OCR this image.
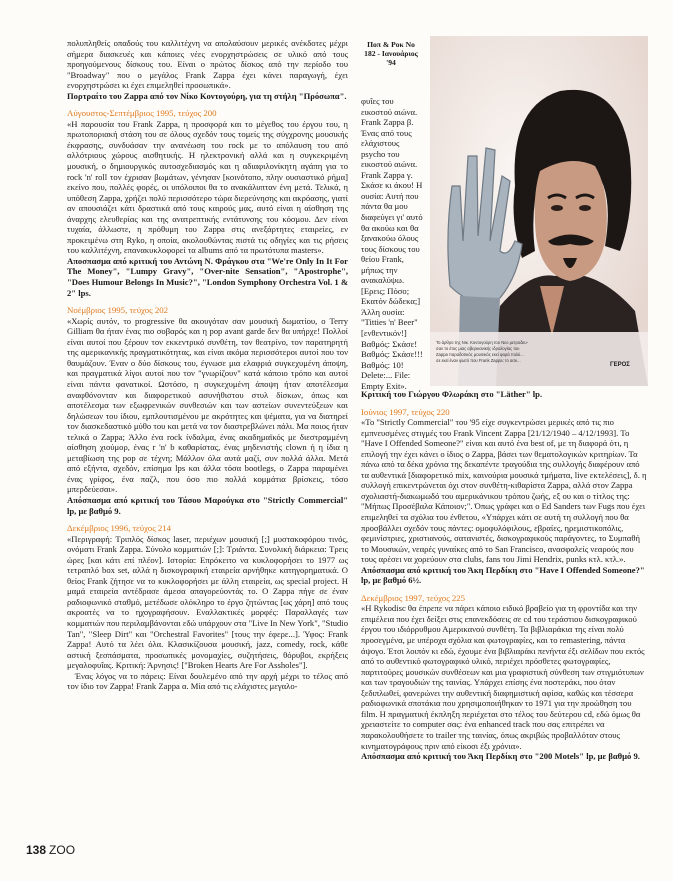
πολυπληθείς οπαδούς του καλλιτέχνη να απολαύσουν μερικές ανέκδοτες μέχρι σήμερα διασκευές και κάποιες νέες ενορχηστρώσεις σε υλικό από τους προηγούμενους δίσκους του. Είναι ο πρώτος δίσκος από την περίοδο του "Broadway" που ο μεγάλος Frank Zappa έχει κάνει παραγωγή, έχει ενορχηστρώσει κι έχει επιμεληθεί προσωπικά».

Πορτραίτο του Zappa από τον Νίκο Κοντογούρη, για τη στήλη "Πρόσωπα".

Αύγουστος-Σεπτέμβριος 1995, τεύχος 200

«Η παρουσία του Frank Zappa, η προσφορά και το μέγεθος του έργου του, η πρωτοποριακή στάση του σε όλους σχεδόν τους τομείς της σύγχρονης μουσικής έκφρασης, συνδυάσαν την ανανέωση του rock με το απόλαυση του από αλλότριους χώρους αισθητικής. Η ηλεκτρονική αλλά και η συγκεκριμένη μουσική, ο δημιουργικός αυτοσχεδιασμός και η αδιαφιλονίκητη αγάπη για το rock 'n' roll τον έχρισαν βωμάτων, γένησαν [κοινότοπο, πλην ουσιαστικό ρήμα] εκείνο που, πολλές φορές, οι υπόλοιποι θα το ανακάλυπταν ένη μετά. Τελικά, η υπόθεση Zappa, χρήζει πολύ περισσότερο τώρα διερεύνησης και ακρόασης, γιατί αν απουσιάζει κάτι δραστικά από τους καιρούς μας, αυτό είναι η αίσθηση της άναρχης ελευθερίας και της ανατρεπτικής εντάτυνσης του κόσμου. Δεν είναι τυχαία, άλλωστε, η πρόθυμη του Zappa στις ανεξάρτητες εταιρείες, εν προκειμένω στη Ryko, η οποία, ακολουθώντας πιστά τις οδηγίες και τις ρήσεις του καλλιτέχνη, επανακυκλοφορεί τα albums από τα πρωτότυπα masters».

Αποσπασμα από κριτική του Αντώνη Ν. Φράγκου στα "We're Only In It For The Money", "Lumpy Gravy", "Over-nite Sensation", "Apostrophe", "Does Humour Belongs In Music?", "London Symphony Orchestra Vol. 1 & 2" lps.

Νοέμβριος 1995, τεύχος 202

«Χωρίς αυτόν, το progressive θα ακουγόταν σαν μουσική δωματίου, ο Terry Gilliam θα ήταν ένας πιο σοβαρός και η pop avant garde δεν θα υπήρχε! Πολλοί είναι αυτοί που ξέρουν τον εκκεντρικό συνθέτη, τον θεατρίνο, τον παρατηρητή της αμερικανικής πραγματικότητας, και είναι ακόμα περισσότεροι αυτοί που τον θαυμάζουν. Έναν ο δύο δίσκους του, έγνωσε μια ελαφριά συγκεχυμένη άποψη, και πραγματικά λίγοι αυτοί που τον "γνωρίζουν" κατά κάποιο τρόπο και αυτοί είναι πάντα φανατικοί. Ωστόσο, η συγκεχυμένη άποψη ήταν αποτέλεσμα αναφθόνονταν και διαφορετικού ασυνήθιστου στυλ δίσκων, όπως και αποτέλεσμα των εξωφρενικών συνθεσιών και των αστείων συνεντεύξεων και δηλώσεων του ίδιου, εμπλουτισμένου με ακρότητες και ψέματα, για να διατηρεί τον διασκεδαστικό μύθο του και μετά να τον διαστρεβλώνει πάλι. Μα ποιος ήταν τελικά ο Zappa; Άλλο ένα rock ίνδαλμα, ένας ακαδημαϊκός με διεστραμμένη αίσθηση χιούμορ, ένας r 'n' b καθαρίστας, ένας μηδενιστής clown ή η ίδια η μεταβίωση της pop σε τέχνη; Μάλλον όλα αυτά μαζί, συν πολλά άλλα. Μετά από εξήντα, σχεδόν, επίσημα lps και άλλα τόσα bootlegs, ο Zappa παραμένει ένας γρίφος, ένα παζλ, που όσο πιο πολλά κομμάτια βρίσκεις, τόσο μπερδεύεσαι».

Απόσπασμα από κριτική του Τάσου Μαρούγκα στο "Strictly Commercial" lp, με βαθμό 9.

Δεκέμβριος 1996, τεύχος 214

«Περιγραφή: Τριπλός δίσκος laser, περιέχων μουσική [;] μυστακοφόρου τινός, ονόματι Frank Zappa. Σύνολο κομματιών [;]: Τριάντα. Συνολική διάρκεια: Τρεις ώρες [και κάτι επί πλέον]. Ιστορία: Επρόκειτο να κυκλοφορήσει το 1977 ως τετραπλό box set, αλλά η δισκογραφική εταιρεία αρνήθηκε κατηγορηματικά. Ο θείος Frank ζήτησε να το κυκλοφορήσει με άλλη εταιρεία, ως special project. Η μαμά εταιρεία αντέδρασε άμεσα απαγορεύοντάς το. Ο Zappa πήγε σε έναν ραδιοφωνικό σταθμό, μετέδωσε ολόκληρο το έργο ζητώντας [ως χάρη] από τους ακροατές να το ηχογραφήσουν. Εναλλακτικές μορφές: Παραλλαγές των κομματιών που περιλαμβάνονται εδώ υπάρχουν στα "Live In New York", "Studio Tan", "Sleep Dirt" και "Orchestral Favorites" [τους την έφερε...]. Ύφος: Frank Zappa! Αυτό τα λέει όλα. Κλασικίζουσα μουσική, jazz, comedy, rock, κάθε αστική ξεσπάσματα, προσωπικές μονομαχίες, συζητήσεις, θόρυβοι, εκρήξεις μεγαλοφυΐας. Κριτική: Άρνησις! ["Broken Hearts Are For Assholes"].

Ένας λόγος να το πάρεις: Είναι δουλεμένο από την αρχή μέχρι το τέλος από τον ίδιο τον Zappa! Frank Zappa α. Μία από τις ελάχιστες μεγαλο-

Ποπ & Ροκ Νο 182 - Ιανουάριος '94

φυΐες του εικοστού αιώνα. Frank Zappa β. Ένας από τους ελάχιστους psycho του εικοστού αιώνα. Frank Zappa γ. Σκάσε κι άκου! Η ουσία: Αυτή που πάντα θα μου διαφεύγει γι' αυτό θα ακούω και θα ξανακούω όλους τους δίσκους του θείου Frank, μήπως την ανακαλύψω. [Ερεις; Πόσο; Εκατόν δώδεκα;] Άλλη ουσία: "Titties 'n' Beer" [ενθεντικόν!] Βαθμός: Σκάσε! Βαθμός: Σκάσε!!! Βαθμός: 10! Delete:... File: Empty Exit».

Το άρθρο της Νικ. Κοντογούρη του Νεο μετροδευ-
σαν το έτος μιας αβερικανικής ιδρολογίας του
Zappa παραδοτικός μουσικός εκεί φορά πολύ...
σε εκεί έναν φωτό που Frank Zappa: το ασκ...
ΓΕΡΟΣ

Κριτική του Γιώργου Φλωράκη στο "Läther" lp.

Ιούνιος 1997, τεύχος 220

«Το "Strictly Commercial" του '95 είχε συγκεντρώσει μερικές από τις πιο εμπνευσμένες στιγμές του Frank Vincent Zappa [21/12/1940 – 4/12/1993]. Το "Have I Offended Someone?" είναι και αυτό ένα best of, με τη διαφορά ότι, η επιλογή την έχει κάνει ο ίδιος ο Zappa, βάσει των θεματολογικών κριτηρίων. Τα πάνω από τα δέκα χρόνια της δεκαπέντε τραγούδια της συλλογής διαφέρουν από τα αυθεντικά [διαφορετικό mix, καινούρια μουσικά τμήματα, live εκτελέσεις], δ. η συλλογή επικεντρώνεται όχι στον συνθέτη-κιθαρίστα Zappa, αλλά στον Zappa σχολιαστή-διακωμωδό του αμερικάνικου τρόπου ζωής, εξ ου και ο τίτλος της: "Μήπως Προσέβαλα Κάποιον;". Όπως γράφει και ο Ed Sanders των Fugs που έχει επιμεληθεί τα σχόλια του ένθετου, «Υπάρχει κάτι σε αυτή τη συλλογή που θα προσβάλλει σχεδόν τους πάντες: ομοφυλόφιλους, εβραίες, ηρεμιστικοπόλις, φεμινίστριες, χριστιανούς, σατανιστές, δισκογραφικούς παράγοντες, το Συμπαθή το Μουσικών, νεαρές γυναίκες από το San Francisco, ανασφαλείς νεαρούς που τους αρέσει να χορεύουν στα clubs, fans του Jimi Hendrix, punks κτλ. κτλ.».

Απόσπασμα από κριτική του Άκη Περδίκη στο "Have I Offended Someone?" lp, με βαθμό 6½.

Δεκέμβριος 1997, τεύχος 225

«Η Rykodisc θα έπρεπε να πάρει κάποιο ειδικό βραβείο για τη φροντίδα και την επιμέλεια που έχει δείξει στις επανεκδόσεις σε cd του τεράστιου δισκογραφικού έργου του ιδιόρρυθμου Αμερικανού συνθέτη. Τα βιβλιαράκια της είναι πολύ προσεγμένα, με υπέροχα σχόλια και φωτογραφίες, και το remastering, πάντα άψογο. Έτσι λοιπόν κι εδώ, έχουμε ένα βιβλιαράκι πενήντα έξι σελίδων που εκτός από το αυθεντικό φωτογραφικό υλικό, περιέχει πρόσθετες φωτογραφίες, παρτιτούρες μουσικών συνθέσεων και μια γραφιστική σύνθεση των στιγμιότυπων και των τραγουδιών της ταινίας. Υπάρχει επίσης ένα ποστεράκι, που όταν ξεδιπλωθεί, φανερώνει την αυθεντική διαφημιστική αφίσα, καθώς και τέσσερα ραδιοφωνικά σποτάκια που χρησιμοποιήθηκαν το 1971 για την προώθηση του film. Η πραγματική έκπληξη περιέχεται στο τέλος του δεύτερου cd, εδώ όμως θα χρειαστείτε το computer σας: ένα enhanced track που σας επιτρέπει να παρακολουθήσετε το trailer της ταινίας, όπως ακριβώς προβαλλόταν στους κινηματογράφους πριν από είκοσι έξι χρόνια».

Απόσπασμα από κριτική του Άκη Περδίκη στο "200 Motels" lp, με βαθμό 9.

138 ZOO
